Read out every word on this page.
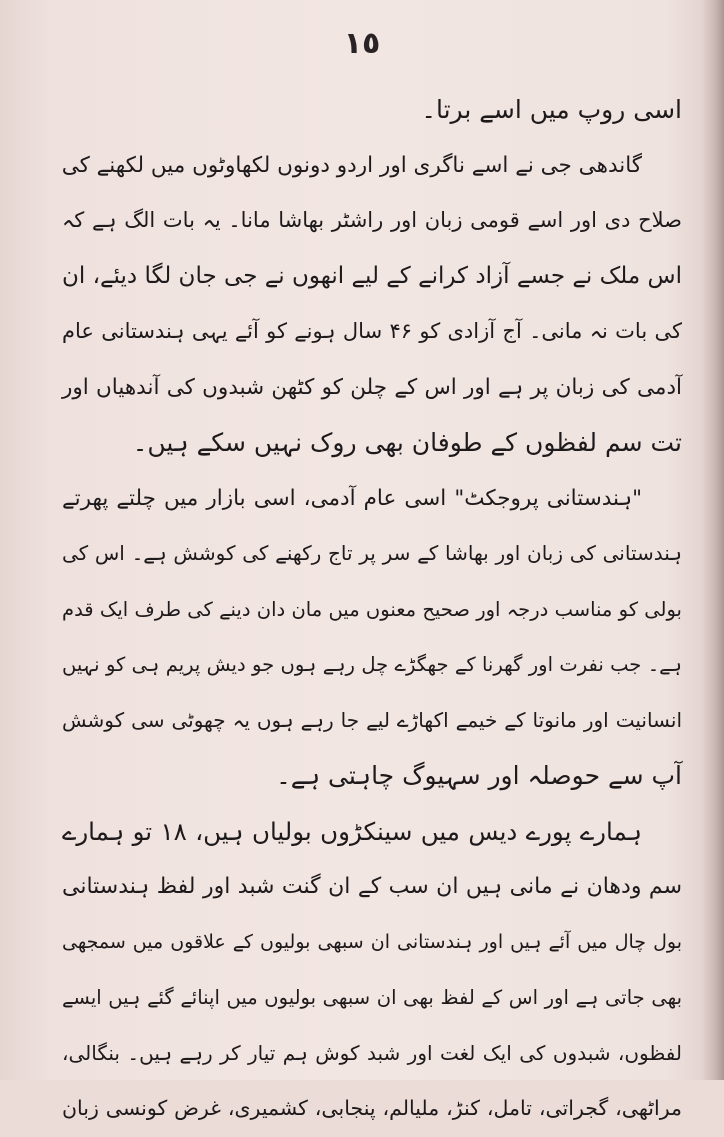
١٥
اسی روپ میں اسے برتا۔
گاندھی جی نے اسے ناگری اور اردو دونوں لکھاوٹوں میں لکھنے کی
صلاح دی اور اسے قومی زبان اور راشٹر بھاشا مانا۔ یہ بات الگ ہے کہ
اس ملک نے جسے آزاد کرانے کے لیے انھوں نے جی جان لگا دیئے، ان
کی بات نہ مانی۔ آج آزادی کو ۴۶ سال ہونے کو آئے یہی ہندستانی عام
آدمی کی زبان پر ہے اور اس کے چلن کو کٹھن شبدوں کی آندھیاں اور
تت سم لفظوں کے طوفان بھی روک نہیں سکے ہیں۔
"ہندستانی پروجکٹ" اسی عام آدمی، اسی بازار میں چلتے پھرتے
ہندستانی کی زبان اور بھاشا کے سر پر تاج رکھنے کی کوشش ہے۔ اس کی
بولی کو مناسب درجہ اور صحیح معنوں میں مان دان دینے کی طرف ایک قدم
ہے۔ جب نفرت اور گھرنا کے جھگڑے چل رہے ہوں جو دیش پریم ہی کو نہیں
انسانیت اور مانوتا کے خیمے اکھاڑے لیے جا رہے ہوں یہ چھوٹی سی کوشش
آپ سے حوصلہ اور سہیوگ چاہتی ہے۔
ہمارے پورے دیس میں سینکڑوں بولیاں ہیں، ۱۸ تو ہمارے
سم ودھان نے مانی ہیں ان سب کے ان گنت شبد اور لفظ ہندستانی
بول چال میں آئے ہیں اور ہندستانی ان سبھی بولیوں کے علاقوں میں سمجھی
بھی جاتی ہے اور اس کے لفظ بھی ان سبھی بولیوں میں اپنائے گئے ہیں ایسے
لفظوں، شبدوں کی ایک لغت اور شبد کوش ہم تیار کر رہے ہیں۔ بنگالی،
مراٹھی، گجراتی، تامل، کنڑ، ملیالم، پنجابی، کشمیری، غرض کونسی زبان
